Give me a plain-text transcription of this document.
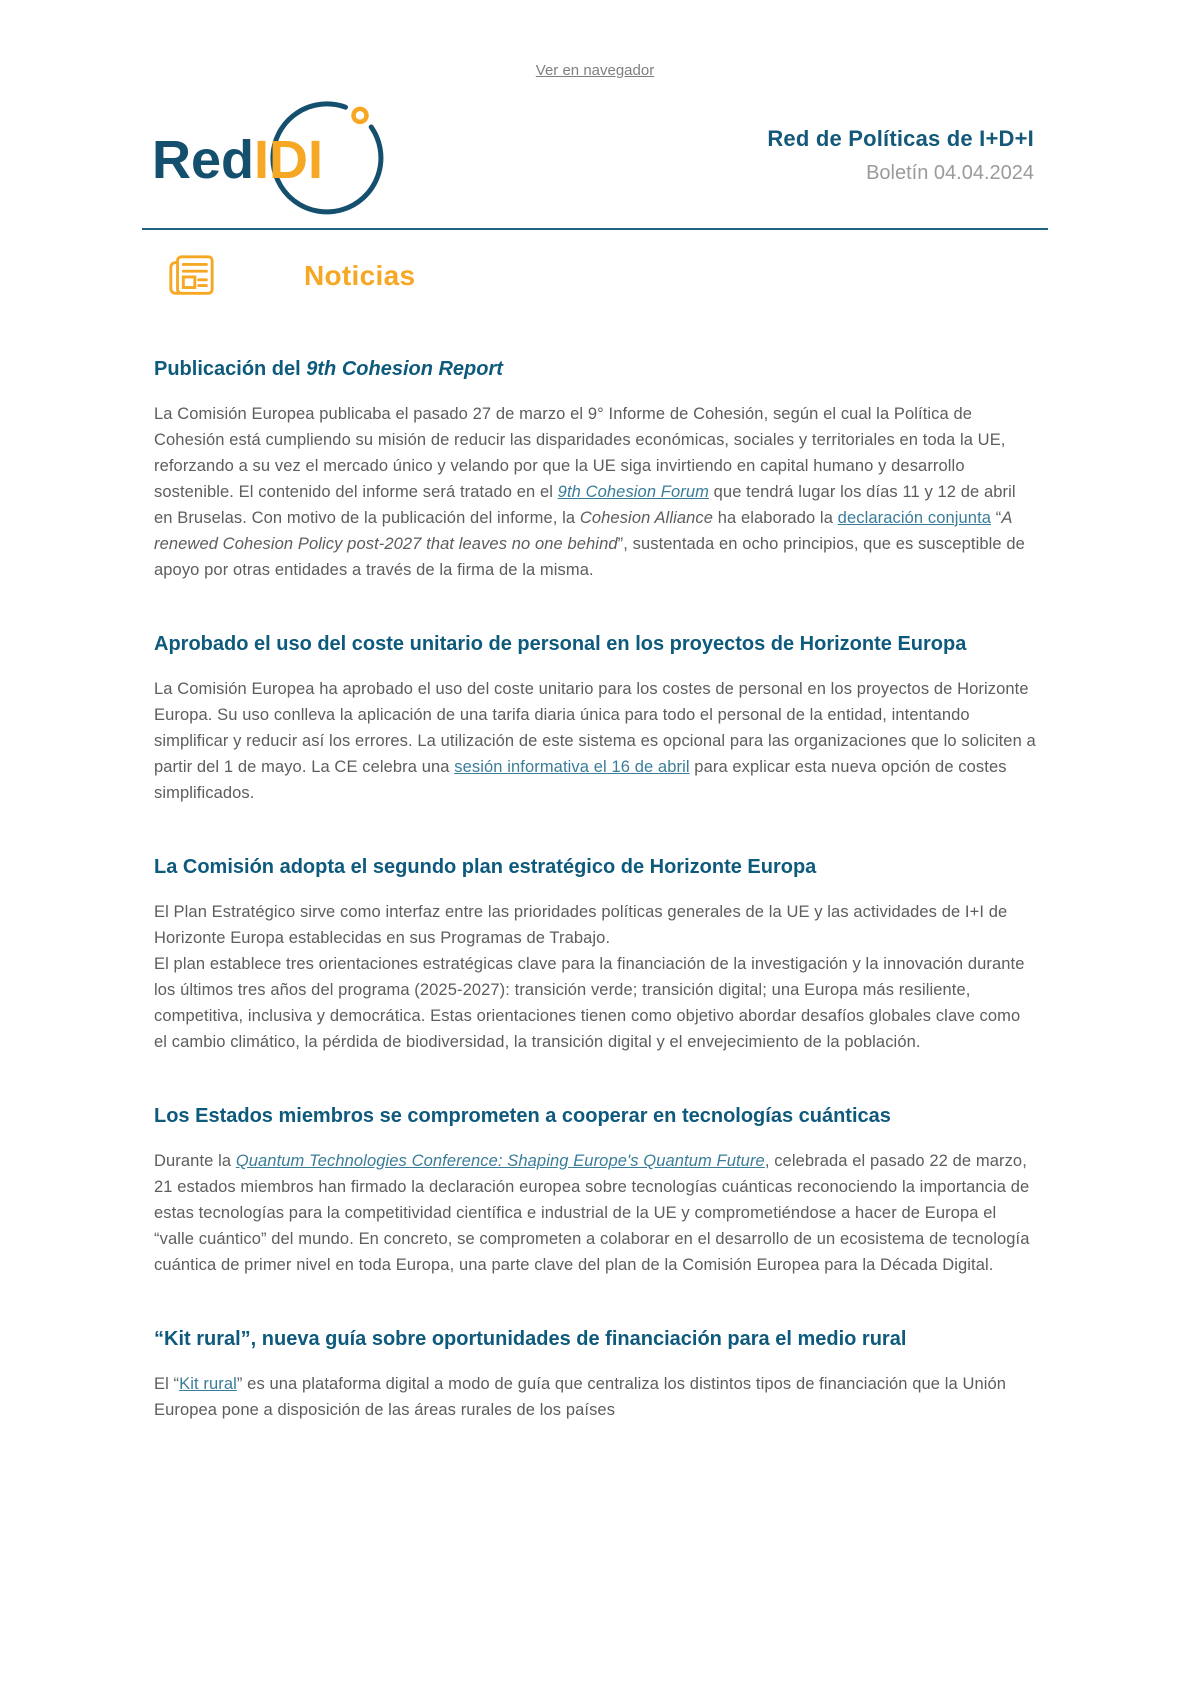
Ver en navegador
RedIDI	Red de Políticas de I+D+I
Boletín 04.04.2024
Noticias
Publicación del 9th Cohesion Report

La Comisión Europea publicaba el pasado 27 de marzo el 9° Informe de Cohesión, según el cual la Política de Cohesión está cumpliendo su misión de reducir las disparidades económicas, sociales y territoriales en toda la UE, reforzando a su vez el mercado único y velando por que la UE siga invirtiendo en capital humano y desarrollo sostenible. El contenido del informe será tratado en el 9th Cohesion Forum que tendrá lugar los días 11 y 12 de abril en Bruselas. Con motivo de la publicación del informe, la Cohesion Alliance ha elaborado la declaración conjunta “A renewed Cohesion Policy post-2027 that leaves no one behind”, sustentada en ocho principios, que es susceptible de apoyo por otras entidades a través de la firma de la misma.

Aprobado el uso del coste unitario de personal en los proyectos de Horizonte Europa

La Comisión Europea ha aprobado el uso del coste unitario para los costes de personal en los proyectos de Horizonte Europa. Su uso conlleva la aplicación de una tarifa diaria única para todo el personal de la entidad, intentando simplificar y reducir así los errores. La utilización de este sistema es opcional para las organizaciones que lo soliciten a partir del 1 de mayo. La CE celebra una sesión informativa el 16 de abril para explicar esta nueva opción de costes simplificados.

La Comisión adopta el segundo plan estratégico de Horizonte Europa

El Plan Estratégico sirve como interfaz entre las prioridades políticas generales de la UE y las actividades de I+I de Horizonte Europa establecidas en sus Programas de Trabajo.
El plan establece tres orientaciones estratégicas clave para la financiación de la investigación y la innovación durante los últimos tres años del programa (2025-2027): transición verde; transición digital; una Europa más resiliente, competitiva, inclusiva y democrática. Estas orientaciones tienen como objetivo abordar desafíos globales clave como el cambio climático, la pérdida de biodiversidad, la transición digital y el envejecimiento de la población.

Los Estados miembros se comprometen a cooperar en tecnologías cuánticas

Durante la Quantum Technologies Conference: Shaping Europe's Quantum Future, celebrada el pasado 22 de marzo, 21 estados miembros han firmado la declaración europea sobre tecnologías cuánticas reconociendo la importancia de estas tecnologías para la competitividad científica e industrial de la UE y comprometiéndose a hacer de Europa el “valle cuántico” del mundo. En concreto, se comprometen a colaborar en el desarrollo de un ecosistema de tecnología cuántica de primer nivel en toda Europa, una parte clave del plan de la Comisión Europea para la Década Digital.

“Kit rural”, nueva guía sobre oportunidades de financiación para el medio rural

El “Kit rural” es una plataforma digital a modo de guía que centraliza los distintos tipos de financiación que la Unión Europea pone a disposición de las áreas rurales de los países
